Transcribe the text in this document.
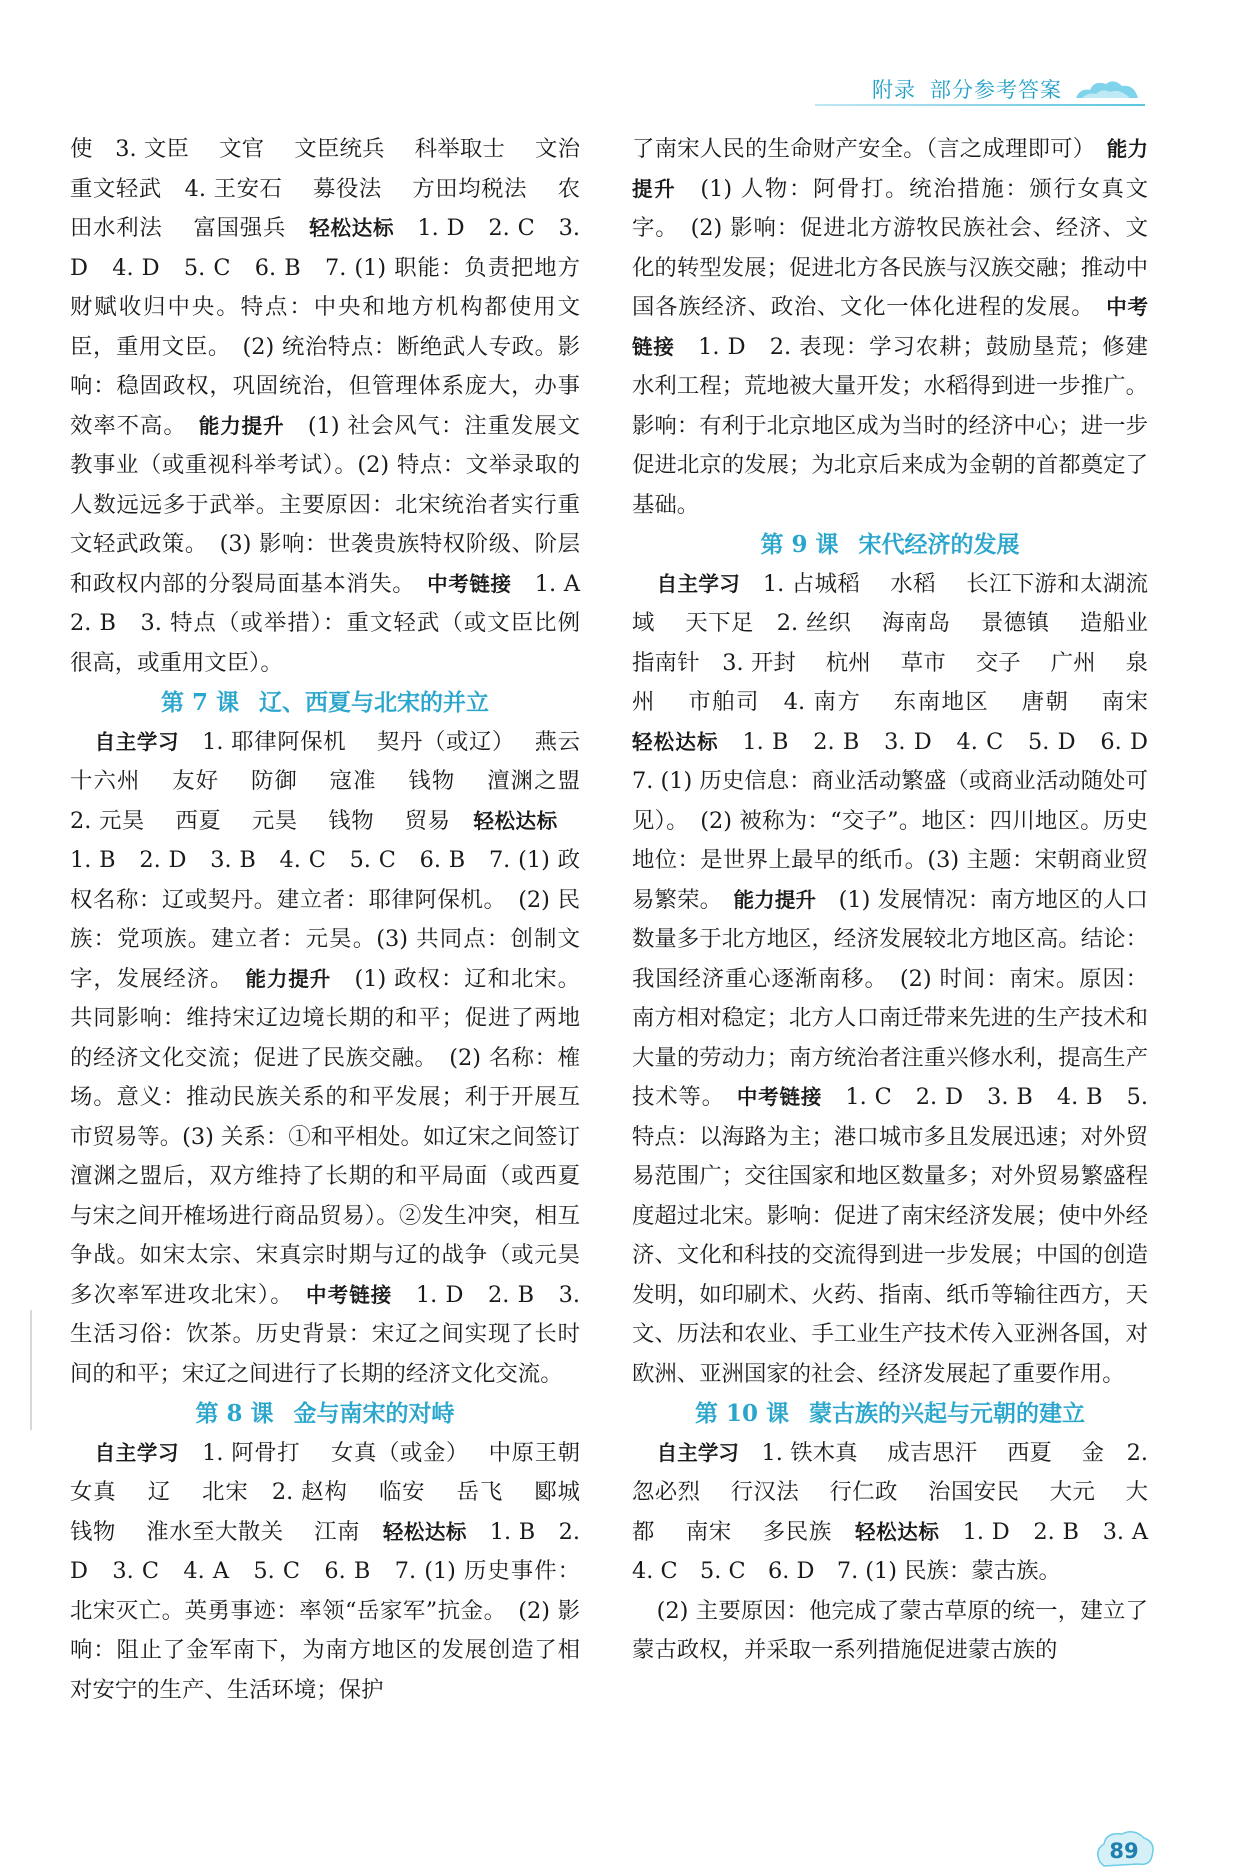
附录 部分参考答案

使　3. 文臣　 文官　 文臣统兵　 科举取士　 文治　 重文轻武　4. 王安石　 募役法　 方田均税法　 农田水利法　 富国强兵　轻松达标　1. D　2. C　3. D　4. D　5. C　6. B　7. (1) 职能：负责把地方财赋收归中央。特点：中央和地方机构都使用文臣，重用文臣。　(2) 统治特点：断绝武人专政。影响：稳固政权，巩固统治，但管理体系庞大，办事效率不高。　能力提升　(1) 社会风气：注重发展文教事业（或重视科举考试）。(2) 特点：文举录取的人数远远多于武举。主要原因：北宋统治者实行重文轻武政策。　(3) 影响：世袭贵族特权阶级、阶层和政权内部的分裂局面基本消失。　中考链接　1. A　2. B　3. 特点（或举措）：重文轻武（或文臣比例很高，或重用文臣）。

第 7 课 辽、西夏与北宋的并立

自主学习　1. 耶律阿保机　 契丹（或辽）　 燕云十六州　 友好　 防御　 寇准　 钱物　 澶渊之盟　2. 元昊　 西夏　 元昊　 钱物　 贸易　轻松达标　1. B　2. D　3. B　4. C　5. C　6. B　7. (1) 政权名称：辽或契丹。建立者：耶律阿保机。　(2) 民族：党项族。建立者：元昊。(3) 共同点：创制文字，发展经济。　能力提升　(1) 政权：辽和北宋。共同影响：维持宋辽边境长期的和平；促进了两地的经济文化交流；促进了民族交融。　(2) 名称：榷场。意义：推动民族关系的和平发展；利于开展互市贸易等。(3) 关系：①和平相处。如辽宋之间签订澶渊之盟后，双方维持了长期的和平局面（或西夏与宋之间开榷场进行商品贸易）。②发生冲突，相互争战。如宋太宗、宋真宗时期与辽的战争（或元昊多次率军进攻北宋）。　中考链接　1. D　2. B　3. 生活习俗：饮茶。历史背景：宋辽之间实现了长时间的和平；宋辽之间进行了长期的经济文化交流。

第 8 课 金与南宋的对峙

自主学习　1. 阿骨打　 女真（或金）　 中原王朝　 女真　 辽　 北宋　2. 赵构　 临安　 岳飞　 郾城　 钱物　 淮水至大散关　 江南　轻松达标　1. B　2. D　3. C　4. A　5. C　6. B　7. (1) 历史事件：北宋灭亡。英勇事迹：率领“岳家军”抗金。　(2) 影响：阻止了金军南下，为南方地区的发展创造了相对安宁的生产、生活环境；保护

了南宋人民的生命财产安全。（言之成理即可）　能力提升　(1) 人物：阿骨打。统治措施：颁行女真文字。　(2) 影响：促进北方游牧民族社会、经济、文化的转型发展；促进北方各民族与汉族交融；推动中国各族经济、政治、文化一体化进程的发展。　中考链接　1. D　2. 表现：学习农耕；鼓励垦荒；修建水利工程；荒地被大量开发；水稻得到进一步推广。影响：有利于北京地区成为当时的经济中心；进一步促进北京的发展；为北京后来成为金朝的首都奠定了基础。

第 9 课 宋代经济的发展

自主学习　1. 占城稻　 水稻　 长江下游和太湖流域　 天下足　2. 丝织　 海南岛　 景德镇　 造船业　 指南针　3. 开封　 杭州　 草市　 交子　 广州　 泉州　 市舶司　4. 南方　 东南地区　 唐朝　 南宋　轻松达标　1. B　2. B　3. D　4. C　5. D　6. D　7. (1) 历史信息：商业活动繁盛（或商业活动随处可见）。　(2) 被称为：“交子”。地区：四川地区。历史地位：是世界上最早的纸币。(3) 主题：宋朝商业贸易繁荣。　能力提升　(1) 发展情况：南方地区的人口数量多于北方地区，经济发展较北方地区高。结论：我国经济重心逐渐南移。　(2) 时间：南宋。原因：南方相对稳定；北方人口南迁带来先进的生产技术和大量的劳动力；南方统治者注重兴修水利，提高生产技术等。　中考链接　1. C　2. D　3. B　4. B　5. 特点：以海路为主；港口城市多且发展迅速；对外贸易范围广；交往国家和地区数量多；对外贸易繁盛程度超过北宋。影响：促进了南宋经济发展；使中外经济、文化和科技的交流得到进一步发展；中国的创造发明，如印刷术、火药、指南、纸币等输往西方，天文、历法和农业、手工业生产技术传入亚洲各国，对欧洲、亚洲国家的社会、经济发展起了重要作用。

第 10 课 蒙古族的兴起与元朝的建立

自主学习　1. 铁木真　 成吉思汗　 西夏　 金　2. 忽必烈　 行汉法　 行仁政　 治国安民　 大元　 大都　 南宋　 多民族　轻松达标　1. D　2. B　3. A　4. C　5. C　6. D　7. (1) 民族：蒙古族。

(2) 主要原因：他完成了蒙古草原的统一，建立了蒙古政权，并采取一系列措施促进蒙古族的

89
